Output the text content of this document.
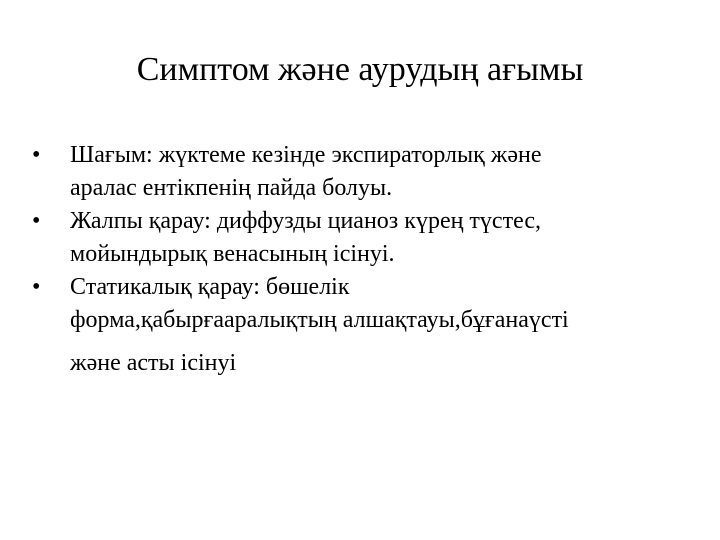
Симптом және аурудың ағымы
•	Шағым: жүктеме кезінде экспираторлық және
аралас ентікпенің пайда болуы.
•	Жалпы қарау: диффузды цианоз күрең түстес,
мойындырық венасының ісінуі.
•	Статикалық қарау: бөшелік
форма,қабырғааралықтың алшақтауы,бұғанаүсті
және асты ісінуі
